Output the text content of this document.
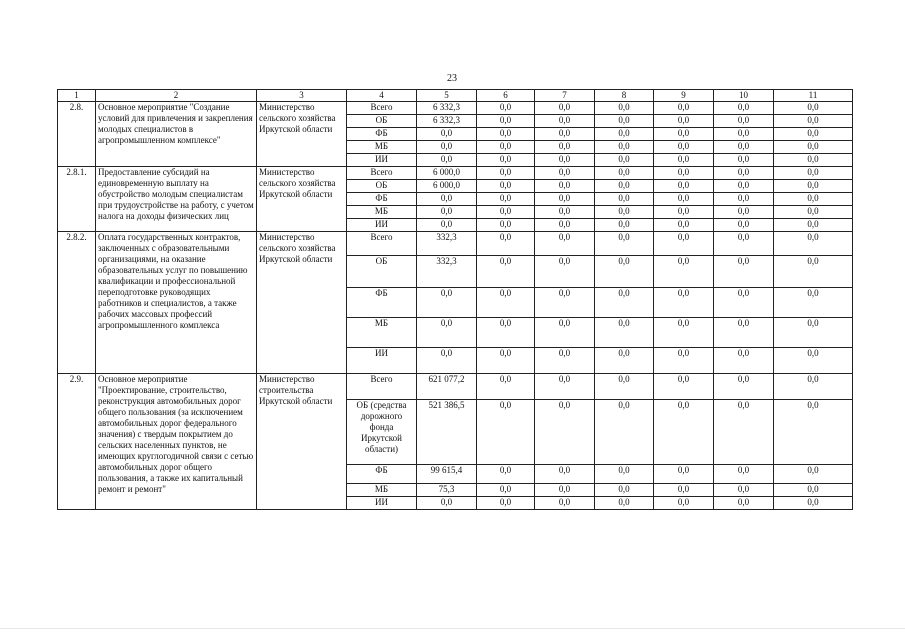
23
1	2	3	4	5	6	7	8	9	10	11
2.8.	Основное мероприятие "Создание условий для привлечения и закрепления молодых специалистов в агропромышленном комплексе"	Министерство сельского хозяйства Иркутской области	Всего	6 332,3	0,0	0,0	0,0	0,0	0,0	0,0
			ОБ	6 332,3	0,0	0,0	0,0	0,0	0,0	0,0
			ФБ	0,0	0,0	0,0	0,0	0,0	0,0	0,0
			МБ	0,0	0,0	0,0	0,0	0,0	0,0	0,0
			ИИ	0,0	0,0	0,0	0,0	0,0	0,0	0,0
2.8.1.	Предоставление субсидий на единовременную выплату на обустройство молодым специалистам при трудоустройстве на работу, с учетом налога на доходы физических лиц	Министерство сельского хозяйства Иркутской области	Всего	6 000,0	0,0	0,0	0,0	0,0	0,0	0,0
			ОБ	6 000,0	0,0	0,0	0,0	0,0	0,0	0,0
			ФБ	0,0	0,0	0,0	0,0	0,0	0,0	0,0
			МБ	0,0	0,0	0,0	0,0	0,0	0,0	0,0
			ИИ	0,0	0,0	0,0	0,0	0,0	0,0	0,0
2.8.2.	Оплата государственных контрактов, заключенных с образовательными организациями, на оказание образовательных услуг по повышению квалификации и профессиональной переподготовке руководящих работников и специалистов, а также рабочих массовых профессий агропромышленного комплекса	Министерство сельского хозяйства Иркутской области	Всего	332,3	0,0	0,0	0,0	0,0	0,0	0,0
			ОБ	332,3	0,0	0,0	0,0	0,0	0,0	0,0
			ФБ	0,0	0,0	0,0	0,0	0,0	0,0	0,0
			МБ	0,0	0,0	0,0	0,0	0,0	0,0	0,0
			ИИ	0,0	0,0	0,0	0,0	0,0	0,0	0,0
2.9.	Основное мероприятие "Проектирование, строительство, реконструкция автомобильных дорог общего пользования (за исключением автомобильных дорог федерального значения) с твердым покрытием до сельских населенных пунктов, не имеющих круглогодичной связи с сетью автомобильных дорог общего пользования, а также их капитальный ремонт и ремонт"	Министерство строительства Иркутской области	Всего	621 077,2	0,0	0,0	0,0	0,0	0,0	0,0
			ОБ (средства дорожного фонда Иркутской области)	521 386,5	0,0	0,0	0,0	0,0	0,0	0,0
			ФБ	99 615,4	0,0	0,0	0,0	0,0	0,0	0,0
			МБ	75,3	0,0	0,0	0,0	0,0	0,0	0,0
			ИИ	0,0	0,0	0,0	0,0	0,0	0,0	0,0
